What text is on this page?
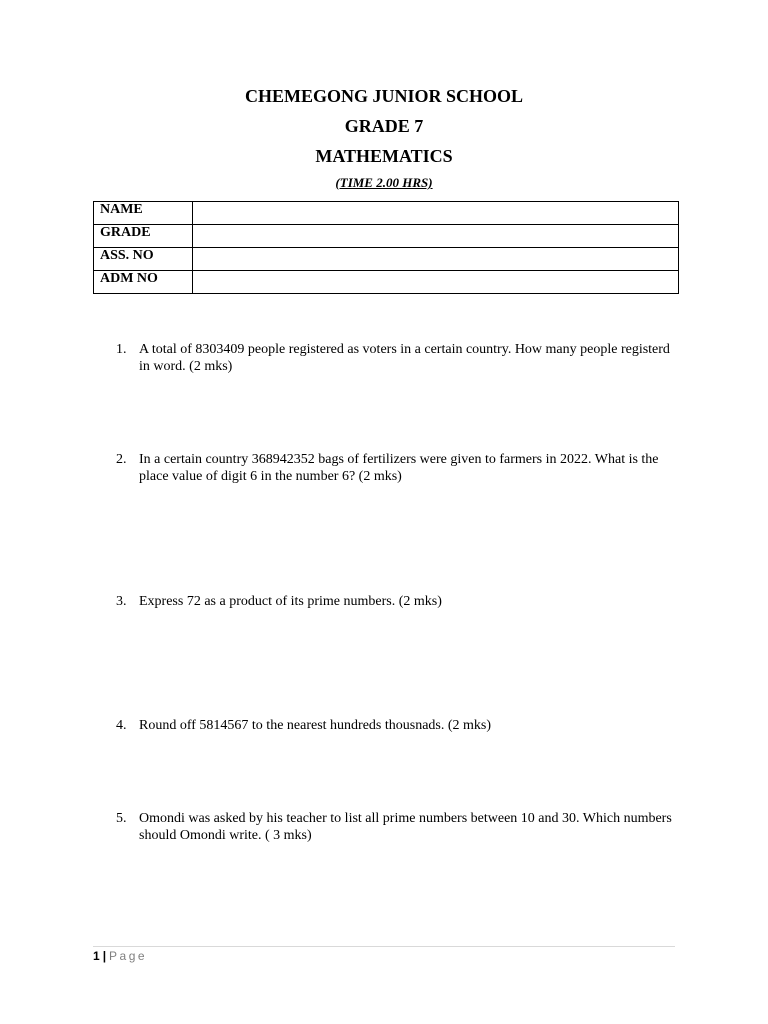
CHEMEGONG JUNIOR SCHOOL

GRADE 7

MATHEMATICS

(TIME 2.00 HRS)

NAME	
GRADE	
ASS. NO	
ADM NO	
1. A total of 8303409 people registered as voters in a certain country. How many people registerd in word. (2 mks)
2. In a certain country 368942352 bags of fertilizers were given to farmers in 2022. What is the place value of digit 6 in the number 6? (2 mks)
3. Express 72 as a product of its prime numbers. (2 mks)
4. Round off 5814567 to the nearest hundreds thousnads. (2 mks)
5. Omondi was asked by his teacher to list all prime numbers between 10 and 30. Which numbers should Omondi write. ( 3 mks)
1 | Page
